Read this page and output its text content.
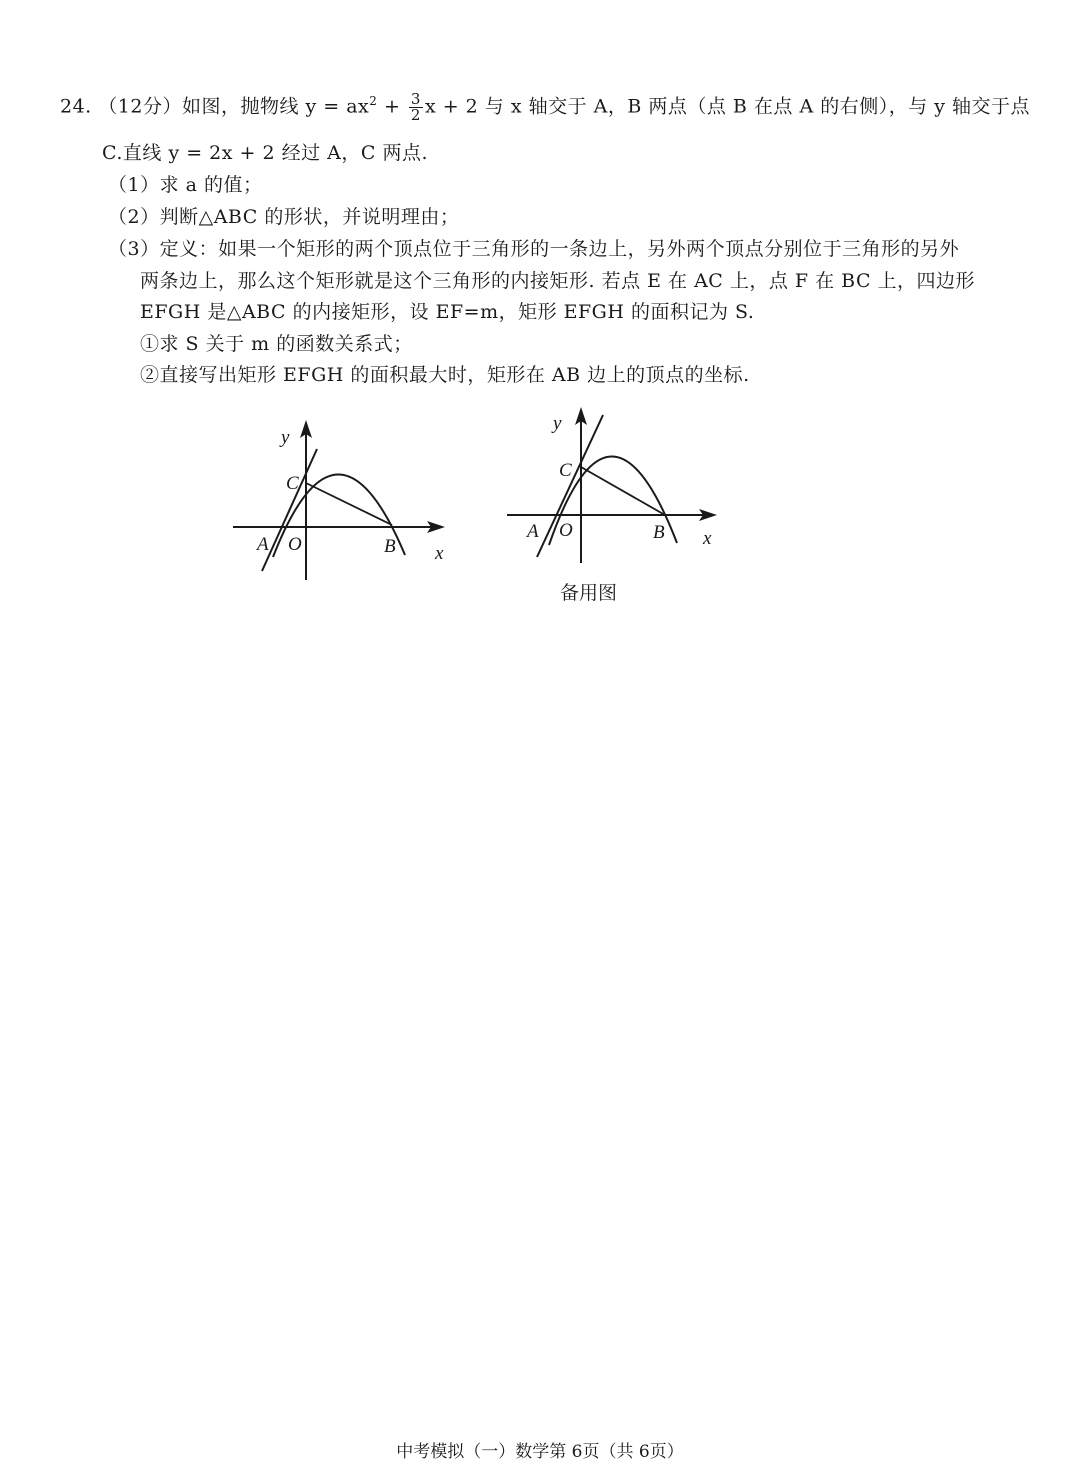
24. （12分）如图，抛物线 $y = ax^2 + \frac{3}{2}$ x + 2 与 x 轴交于 A，B 两点（点 B 在点 A 的右侧），与 y 轴交于点
C.直线 y = 2x + 2 经过 A，C 两点.
（1）求 a 的值；
（2）判断△ABC 的形状，并说明理由；
（3）定义：如果一个矩形的两个顶点位于三角形的一条边上，另外两个顶点分别位于三角形的另外
两条边上，那么这个矩形就是这个三角形的内接矩形. 若点 E 在 AC 上，点 F 在 BC 上，四边形
EFGH 是△ABC 的内接矩形，设 EF=m，矩形 EFGH 的面积记为 S.
①求 S 关于 m 的函数关系式；
②直接写出矩形 EFGH 的面积最大时，矩形在 AB 边上的顶点的坐标.
y
C
A O	B x
y
C
A O	B x
备用图
中考模拟（一）数学第 6页（共 6页）
